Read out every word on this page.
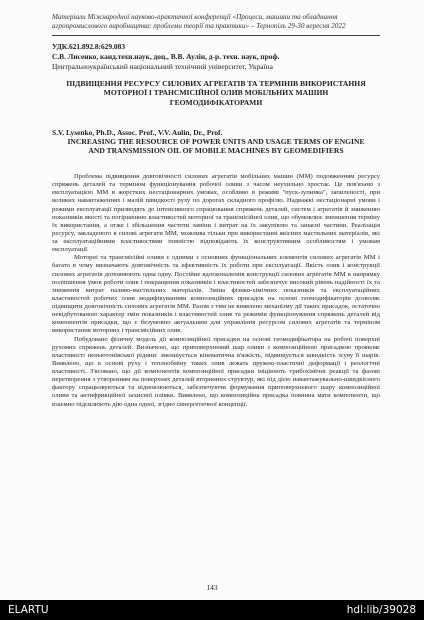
Матеріали Міжнародної науково-практичної конференції «Процеси, машини та обладнання
агропромислового виробництва: проблеми теорії та практики» – Тернопіль 29-30 вересня 2022
УДК.621.892.8:629.083
С.В. Лисенко, канд.техн.наук, доц., В.В. Аулін, д-р. техн. наук, проф.
Центральноукраїнський національний технічний університет, Україна
ПІДВИЩЕННЯ РЕСУРСУ СИЛОВИХ АГРЕГАТІВ ТА ТЕРМІНІВ ВИКОРИСТАННЯ МОТОРНОЇ І ТРАНСМІСІЙНОЇ ОЛИВ МОБІЛЬНИХ МАШИН ГЕОМОДИФІКАТОРАМИ
S.V. Lysenko, Ph.D., Assoc. Prof., V.V. Aulin, Dr., Prof.
INCREASING THE RESOURCE OF POWER UNITS AND USAGE TERMS OF ENGINE AND TRANSMISSION OIL OF MOBILE MACHINES BY GEOMEDIFIERS

Проблема підвищення довговічності силових агрегатів мобільних машин (ММ) подовженням ресурсу спряжень деталей та терміном функціонування робочої оливи з часом неухильно зростає. Це пов'язано з експлуатацією ММ в жорстких нестаціонарних умовах, особливо в режимі "пуск-зупинка", запиленості, при великих навантаженнях і малій швидкості руху по дорогах складного профілю. Надважкі нестаціонарні умови і режими експлуатації призводять до інтенсивного спрацювання спряжень деталей, систем і агрегатів й зниженню показників якості та погіршенню властивостей моторної та трансмісійної олив, що обумовлює зменшення терміну їх використання, а отже і збільшення частоти заміни і витрат на їх закупівлю та запасні частини. Реалізація ресурсу, закладеного в силові агрегати ММ, можлива тільки при використанні якісних мастильних матеріалів, які за експлуатаційними властивостями повністю відповідають їх конструктивним особливостям і умовам експлуатації.

Моторні та трансмісійні оливи є одними з основних функціональних елементів силових агрегатів ММ і багато в чому визначають довговічність та ефективність їх роботи при експлуатації. Якість олив і конструкції силових агрегатів доповнюють одна одну. Постійне вдосконалення конструкції силових агрегатів ММ в напрямку поліпшення умов роботи олив і покращення показників і властивостей забезпечує високий рівень надійності їх та зниження витрат паливо-мастильних матеріалів. Зміна фізико-хімічних показників та експлуатаційних властивостей робочих олив модифікуванням композиційних присадок на основі геомодифікаторів дозволяє підвищити довговічність силових агрегатів ММ. Разом з тим не виявлено механізму дії таких присадок, остаточно невідбутованою характер змін показників і властивостей олив та режимів функціонування спряжень деталей від компонентів присадки, що є безумовно актуальним для управління ресурсом силових агрегатів та терміном використання моторних і трансмісійних олив.

Побудовано фізичну модель дії композиційної присадки на основі геомодифікатора на робочі поверхні рухомих спряжень деталей. Визначено, що приповерхневий шар оливи з композиційною присадкою проявляє властивості неньютонівської рідини: зменшується кінематична в'язкість, підвищується швидкість зсуву її шарів. Виявлено, що в основі руху і теплообміну таких олив лежать пружно-пластичні деформації і реологічні властивості. З'ясовано, що дії компонентів композиційної присадки ініціюють трибохімічні реакції та фазові перетворення з утворенням на поверхнях деталей вторинних структур, які під дією навантажувально-швидкісного фактору спрацьовуються та відновлюються, забезпечуючи формування приповерхневого шару композиційної оливи та антифрикційної захисної плівки. Виявлено, що композиційна присадка повинна мати компоненти, що взаємно підсилюють дію одна одної, згідно синергетичної концепції.

143
ELARTU	hdl:lib/39028
